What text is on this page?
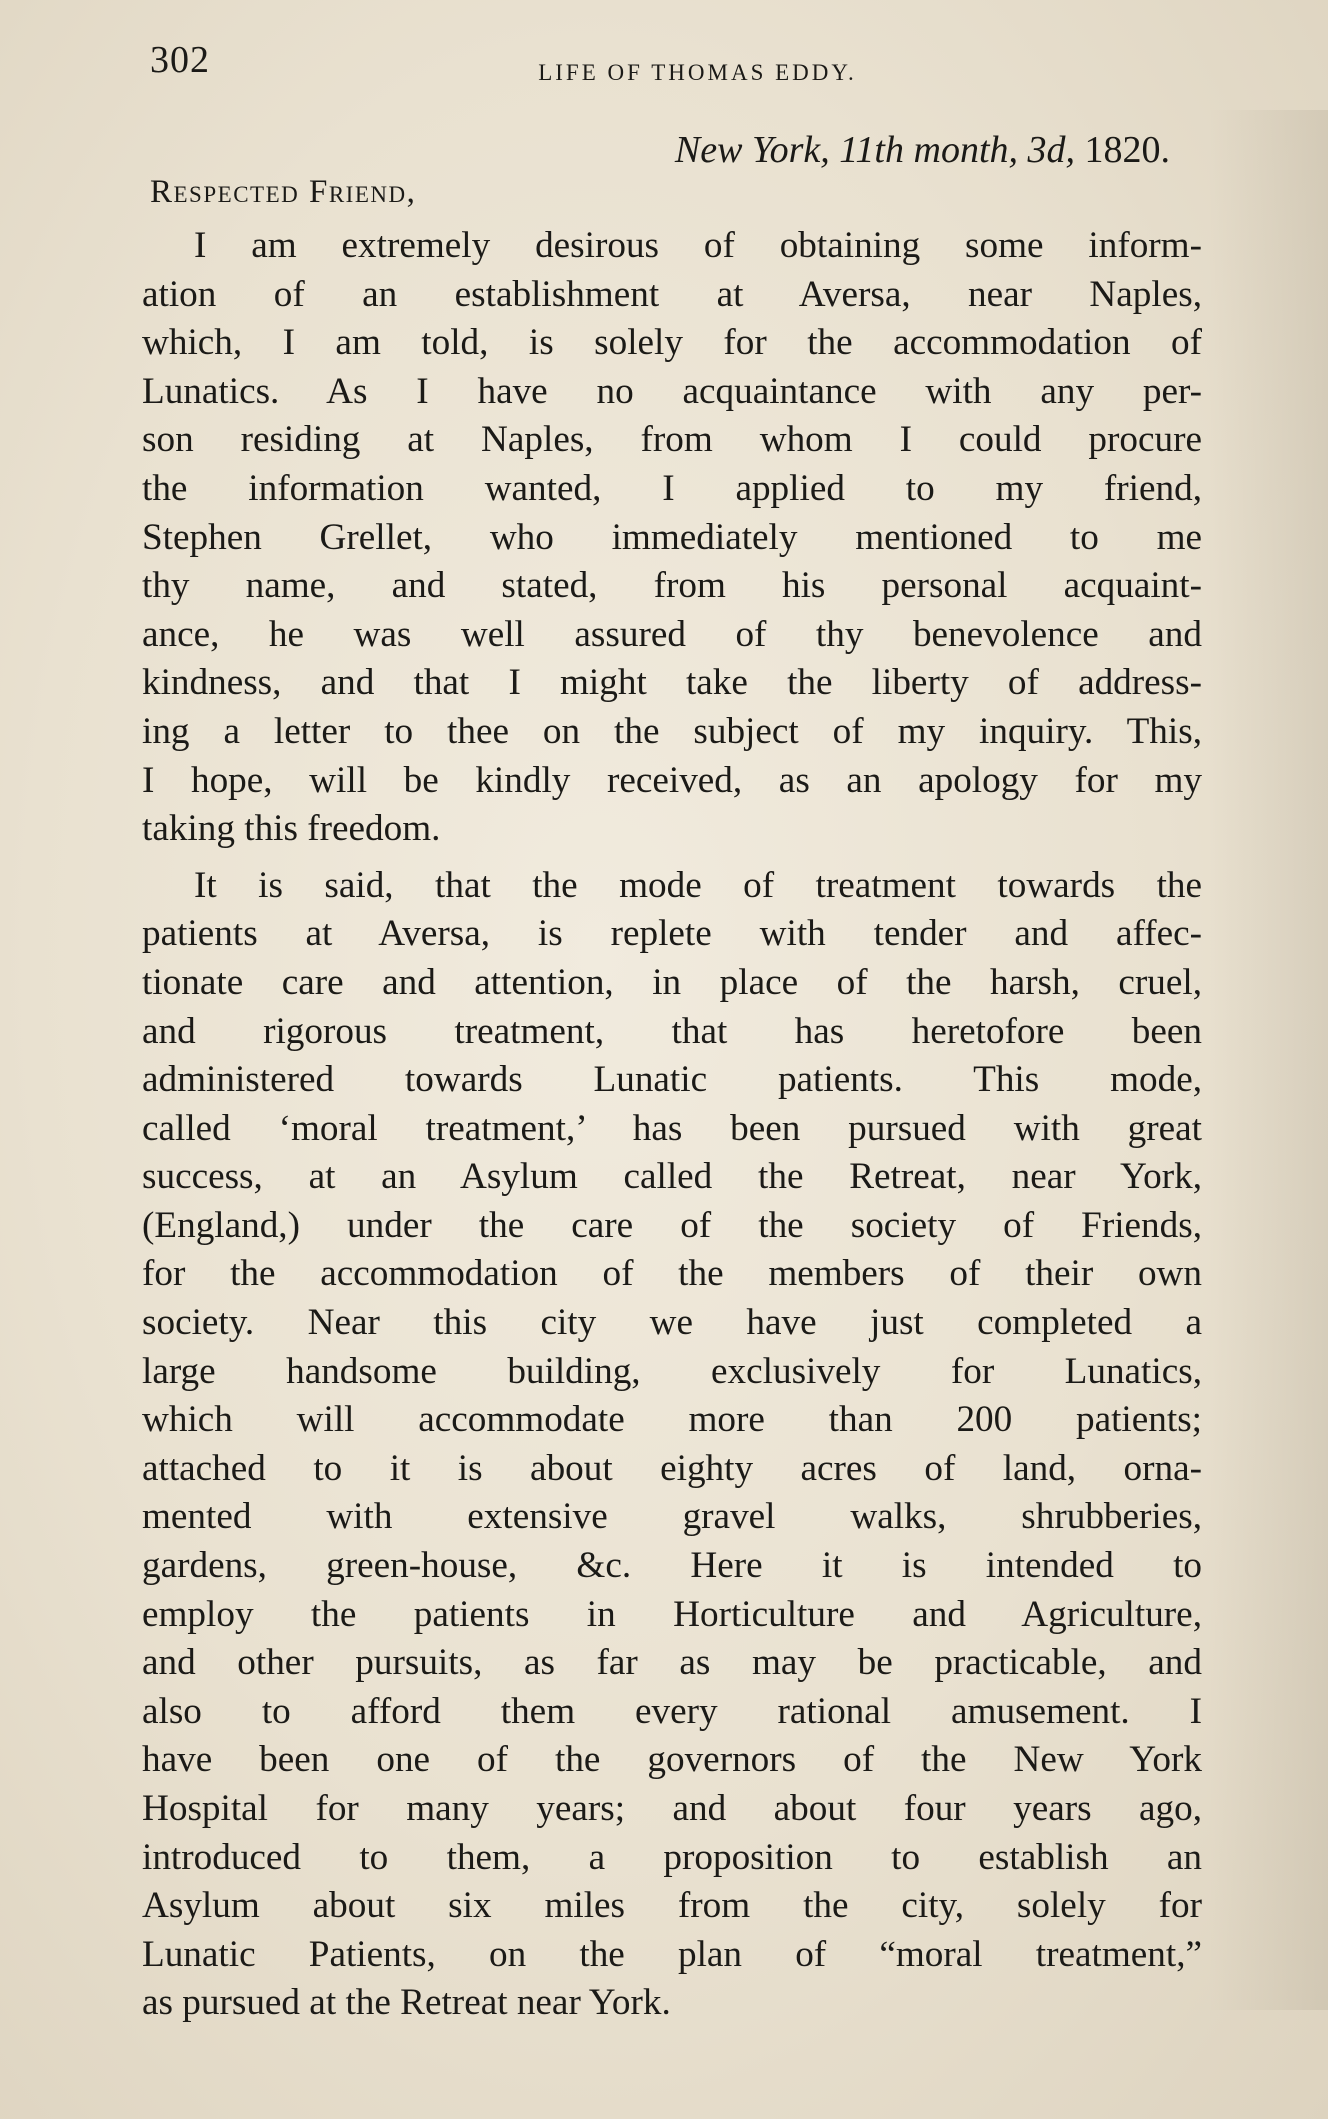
302	LIFE OF THOMAS EDDY.
New York, 11th month, 3d, 1820.
Respected Friend,
I am extremely desirous of obtaining some inform-
ation of an establishment at Aversa, near Naples,
which, I am told, is solely for the accommodation of
Lunatics. As I have no acquaintance with any per-
son residing at Naples, from whom I could procure
the information wanted, I applied to my friend,
Stephen Grellet, who immediately mentioned to me
thy name, and stated, from his personal acquaint-
ance, he was well assured of thy benevolence and
kindness, and that I might take the liberty of address-
ing a letter to thee on the subject of my inquiry. This,
I hope, will be kindly received, as an apology for my
taking this freedom.
It is said, that the mode of treatment towards the
patients at Aversa, is replete with tender and affec-
tionate care and attention, in place of the harsh, cruel,
and rigorous treatment, that has heretofore been
administered towards Lunatic patients. This mode,
called ‘moral treatment,’ has been pursued with great
success, at an Asylum called the Retreat, near York,
(England,) under the care of the society of Friends,
for the accommodation of the members of their own
society. Near this city we have just completed a
large handsome building, exclusively for Lunatics,
which will accommodate more than 200 patients;
attached to it is about eighty acres of land, orna-
mented with extensive gravel walks, shrubberies,
gardens, green-house, &c. Here it is intended to
employ the patients in Horticulture and Agriculture,
and other pursuits, as far as may be practicable, and
also to afford them every rational amusement. I
have been one of the governors of the New York
Hospital for many years; and about four years ago,
introduced to them, a proposition to establish an
Asylum about six miles from the city, solely for
Lunatic Patients, on the plan of “moral treatment,”
as pursued at the Retreat near York.
